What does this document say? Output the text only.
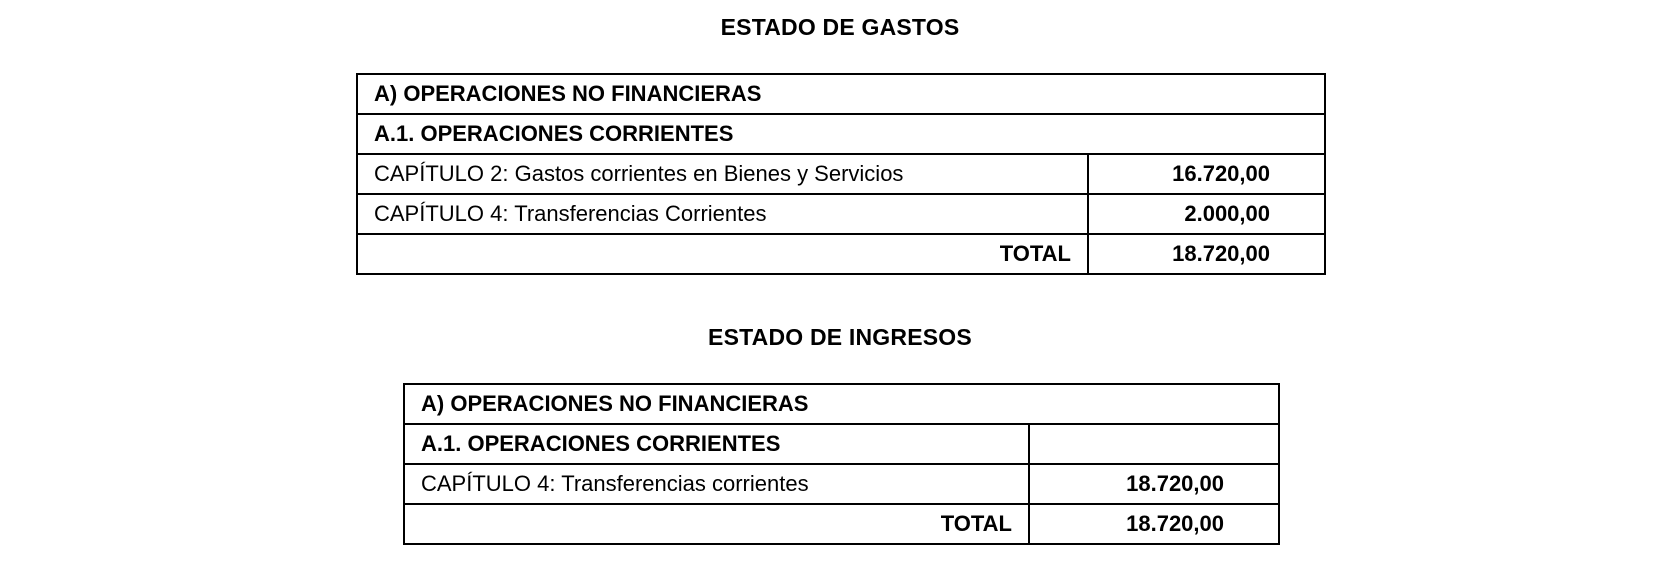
ESTADO DE GASTOS
A) OPERACIONES NO FINANCIERAS	
A.1. OPERACIONES CORRIENTES	
CAPÍTULO 2: Gastos corrientes en Bienes y Servicios	16.720,00
CAPÍTULO 4: Transferencias Corrientes	2.000,00
TOTAL	18.720,00
ESTADO DE INGRESOS
A) OPERACIONES NO FINANCIERAS	
A.1. OPERACIONES CORRIENTES	
CAPÍTULO 4: Transferencias corrientes	18.720,00
TOTAL	18.720,00
